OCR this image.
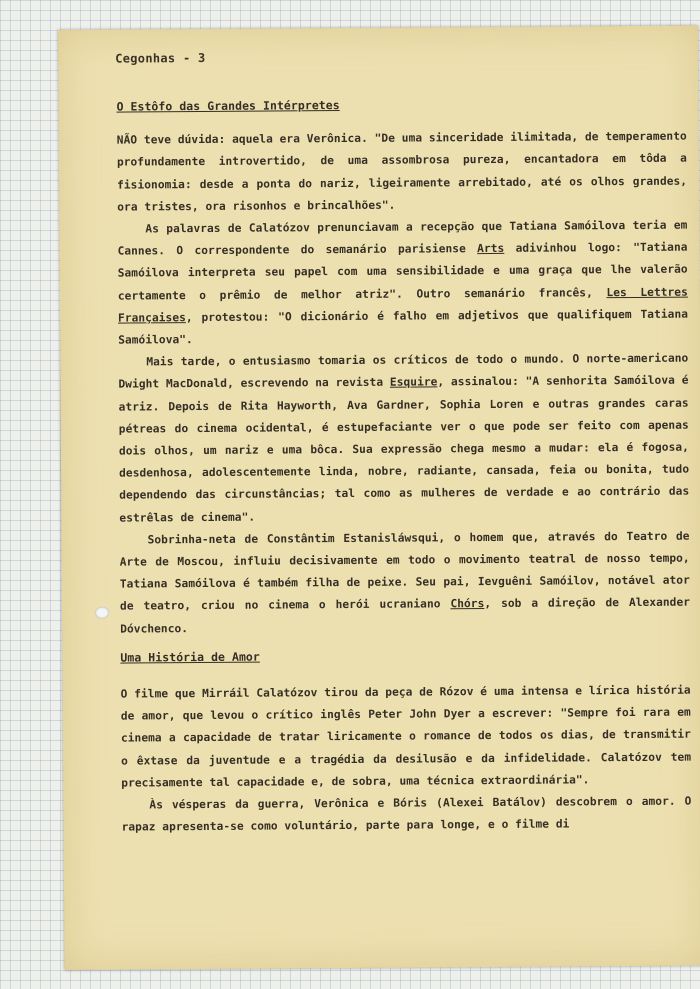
Cegonhas - 3
O Estôfo das Grandes Intérpretes

NÃO teve dúvida: aquela era Verônica. "De uma sinceridade ilimitada, de temperamento profundamente introvertido, de uma assombrosa pureza, encantadora em tôda a fisionomia: desde a ponta do nariz, ligeiramente arrebitado, até os olhos grandes, ora tristes, ora risonhos e brincalhões".

As palavras de Calatózov prenunciavam a recepção que Tatiana Samóilova teria em Cannes. O correspondente do semanário parisiense Arts adivinhou logo: "Tatiana Samóilova interpreta seu papel com uma sensibilidade e uma graça que lhe valerão certamente o prêmio de melhor atriz". Outro semanário francês, Les Lettres Françaises, protestou: "O dicionário é falho em adjetivos que qualifiquem Tatiana Samóilova".

Mais tarde, o entusiasmo tomaria os críticos de todo o mundo. O norte-americano Dwight MacDonald, escrevendo na revista Esquire, assinalou: "A senhorita Samóilova é atriz. Depois de Rita Hayworth, Ava Gardner, Sophia Loren e outras grandes caras pétreas do cinema ocidental, é estupefaciante ver o que pode ser feito com apenas dois olhos, um nariz e uma bôca. Sua expressão chega mesmo a mudar: ela é fogosa, desdenhosa, adolescentemente linda, nobre, radiante, cansada, feia ou bonita, tudo dependendo das circunstâncias; tal como as mulheres de verdade e ao contrário das estrêlas de cinema".

Sobrinha-neta de Constântim Estanisláwsqui, o homem que, através do Teatro de Arte de Moscou, influiu decisivamente em todo o movimento teatral de nosso tempo, Tatiana Samóilova é também filha de peixe. Seu pai, Ievguêni Samóilov, notável ator de teatro, criou no cinema o herói ucraniano Chórs, sob a direção de Alexander Dóvchenco.

Uma História de Amor

O filme que Mirráil Calatózov tirou da peça de Rózov é uma intensa e lírica história de amor, que levou o crítico inglês Peter John Dyer a escrever: "Sempre foi rara em cinema a capacidade de tratar liricamente o romance de todos os dias, de transmitir o êxtase da juventude e a tragédia da desilusão e da infidelidade. Calatózov tem precisamente tal capacidade e, de sobra, uma técnica extraordinária".

Às vésperas da guerra, Verônica e Bóris (Alexei Batálov) descobrem o amor. O rapaz apresenta-se como voluntário, parte para longe, e o filme di
